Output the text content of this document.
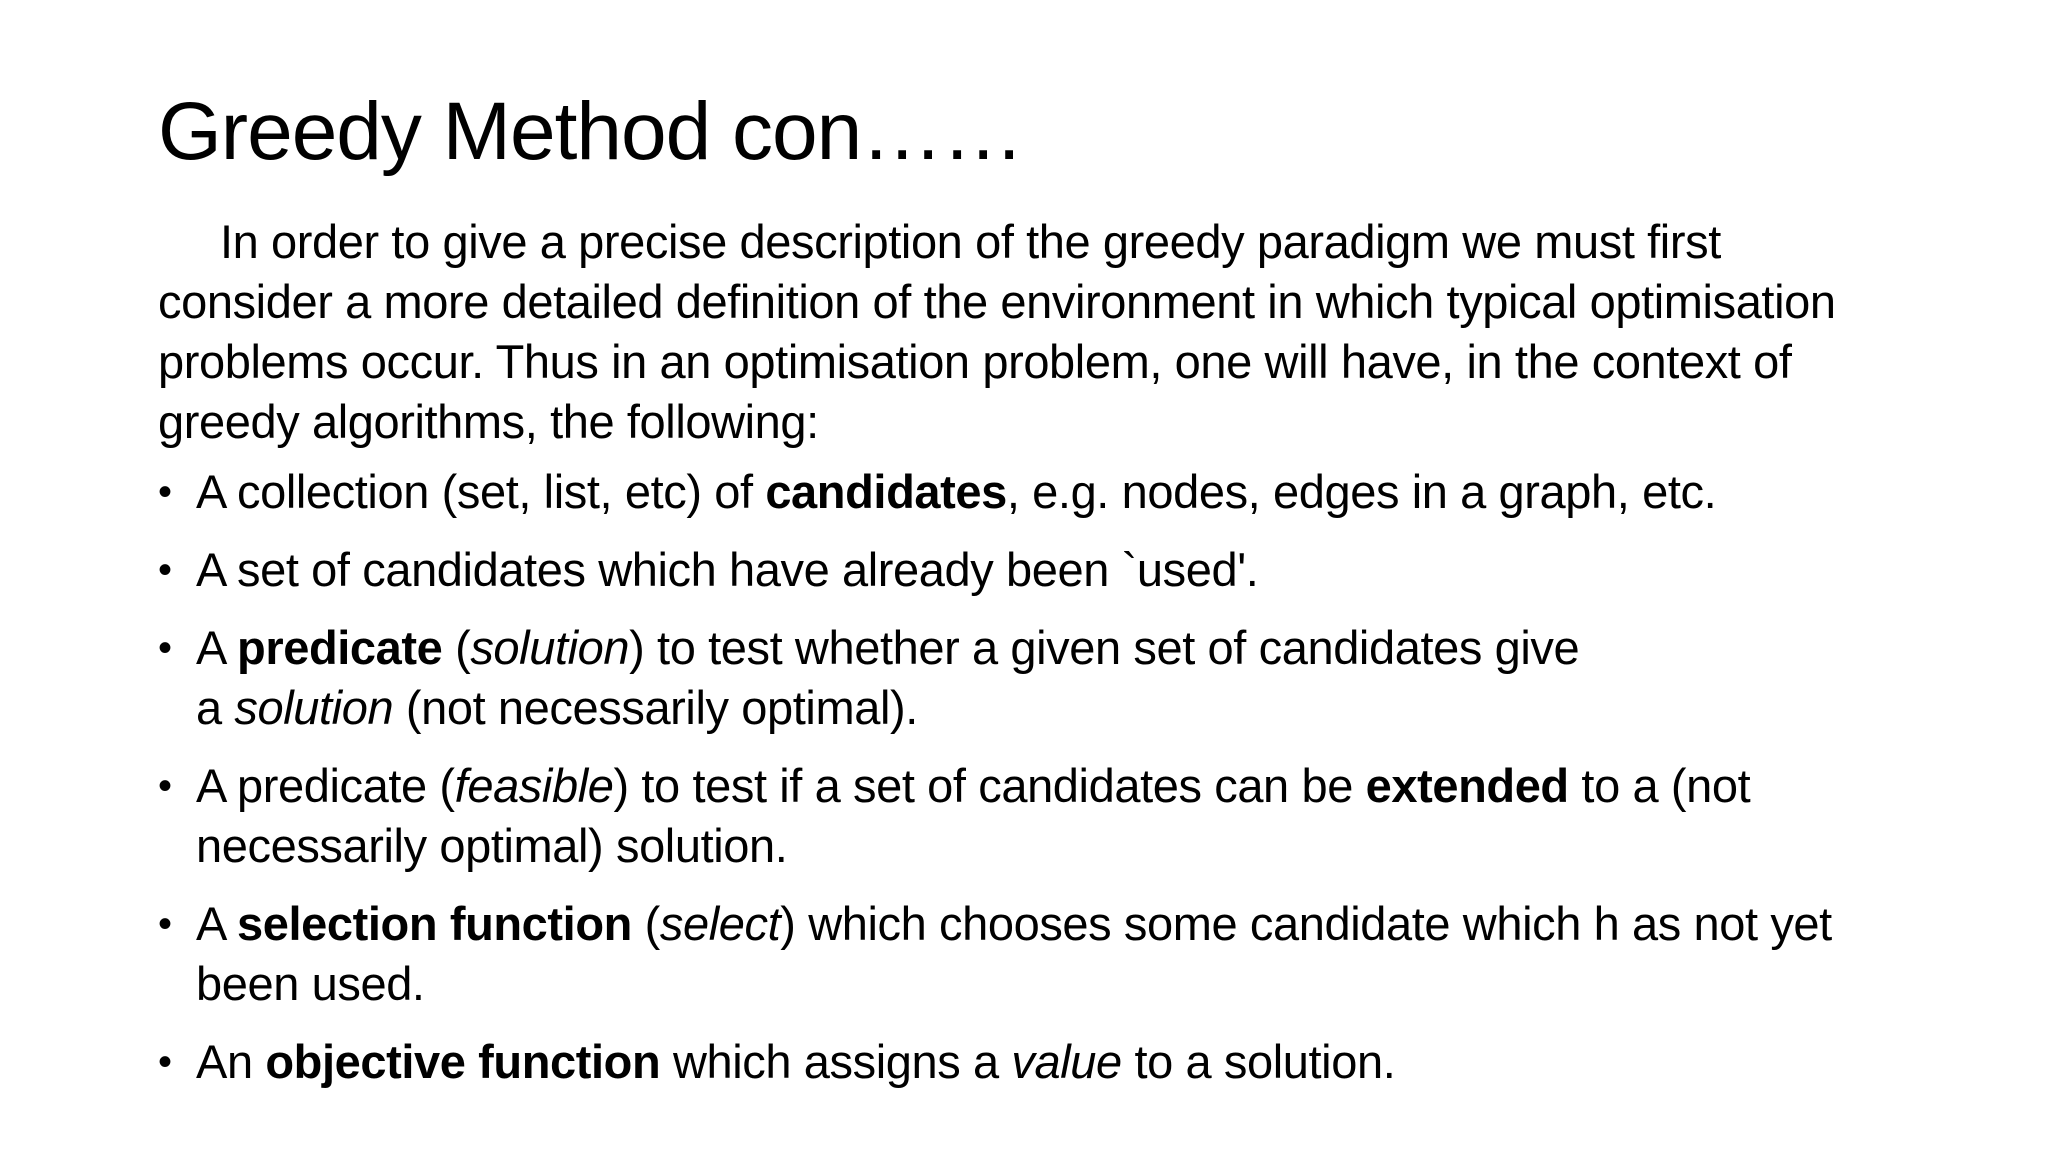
Greedy Method con……

In order to give a precise description of the greedy paradigm we must first consider a more detailed definition of the environment in which typical optimisation problems occur. Thus in an optimisation problem, one will have, in the context of greedy algorithms, the following:

• A collection (set, list, etc) of candidates, e.g. nodes, edges in a graph, etc.
• A set of candidates which have already been `used'.
• A predicate (solution) to test whether a given set of candidates give
a solution (not necessarily optimal).
• A predicate (feasible) to test if a set of candidates can be extended to a (not necessarily optimal) solution.
• A selection function (select) which chooses some candidate which h as not yet been used.
• An objective function which assigns a value to a solution.
